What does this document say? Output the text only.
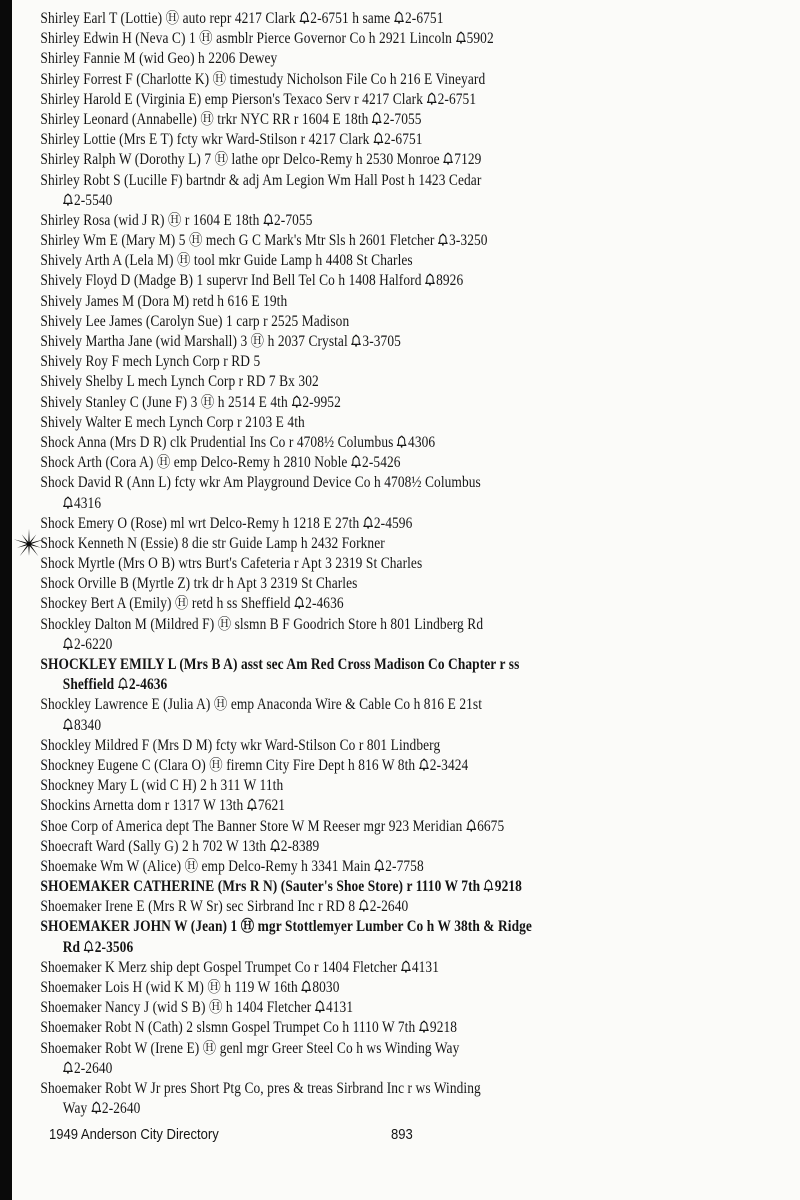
Shirley Earl T (Lottie) Ⓗ auto repr 4217 Clark 2-6751 h same 2-6751
Shirley Edwin H (Neva C) 1 Ⓗ asmblr Pierce Governor Co h 2921 Lincoln 5902
Shirley Fannie M (wid Geo) h 2206 Dewey
Shirley Forrest F (Charlotte K) Ⓗ timestudy Nicholson File Co h 216 E Vineyard
Shirley Harold E (Virginia E) emp Pierson's Texaco Serv r 4217 Clark 2-6751
Shirley Leonard (Annabelle) Ⓗ trkr NYC RR r 1604 E 18th 2-7055
Shirley Lottie (Mrs E T) fcty wkr Ward-Stilson r 4217 Clark 2-6751
Shirley Ralph W (Dorothy L) 7 Ⓗ lathe opr Delco-Remy h 2530 Monroe 7129
Shirley Robt S (Lucille F) bartndr & adj Am Legion Wm Hall Post h 1423 Cedar
2-5540
Shirley Rosa (wid J R) Ⓗ r 1604 E 18th 2-7055
Shirley Wm E (Mary M) 5 Ⓗ mech G C Mark's Mtr Sls h 2601 Fletcher 3-3250
Shively Arth A (Lela M) Ⓗ tool mkr Guide Lamp h 4408 St Charles
Shively Floyd D (Madge B) 1 supervr Ind Bell Tel Co h 1408 Halford 8926
Shively James M (Dora M) retd h 616 E 19th
Shively Lee James (Carolyn Sue) 1 carp r 2525 Madison
Shively Martha Jane (wid Marshall) 3 Ⓗ h 2037 Crystal 3-3705
Shively Roy F mech Lynch Corp r RD 5
Shively Shelby L mech Lynch Corp r RD 7 Bx 302
Shively Stanley C (June F) 3 Ⓗ h 2514 E 4th 2-9952
Shively Walter E mech Lynch Corp r 2103 E 4th
Shock Anna (Mrs D R) clk Prudential Ins Co r 4708½ Columbus 4306
Shock Arth (Cora A) Ⓗ emp Delco-Remy h 2810 Noble 2-5426
Shock David R (Ann L) fcty wkr Am Playground Device Co h 4708½ Columbus
4316
Shock Emery O (Rose) ml wrt Delco-Remy h 1218 E 27th 2-4596
Shock Kenneth N (Essie) 8 die str Guide Lamp h 2432 Forkner
Shock Myrtle (Mrs O B) wtrs Burt's Cafeteria r Apt 3 2319 St Charles
Shock Orville B (Myrtle Z) trk dr h Apt 3 2319 St Charles
Shockey Bert A (Emily) Ⓗ retd h ss Sheffield 2-4636
Shockley Dalton M (Mildred F) Ⓗ slsmn B F Goodrich Store h 801 Lindberg Rd
2-6220
SHOCKLEY EMILY L (Mrs B A) asst sec Am Red Cross Madison Co Chapter r ss
Sheffield 2-4636
Shockley Lawrence E (Julia A) Ⓗ emp Anaconda Wire & Cable Co h 816 E 21st
8340
Shockley Mildred F (Mrs D M) fcty wkr Ward-Stilson Co r 801 Lindberg
Shockney Eugene C (Clara O) Ⓗ firemn City Fire Dept h 816 W 8th 2-3424
Shockney Mary L (wid C H) 2 h 311 W 11th
Shockins Arnetta dom r 1317 W 13th 7621
Shoe Corp of America dept The Banner Store W M Reeser mgr 923 Meridian 6675
Shoecraft Ward (Sally G) 2 h 702 W 13th 2-8389
Shoemake Wm W (Alice) Ⓗ emp Delco-Remy h 3341 Main 2-7758
SHOEMAKER CATHERINE (Mrs R N) (Sauter's Shoe Store) r 1110 W 7th 9218
Shoemaker Irene E (Mrs R W Sr) sec Sirbrand Inc r RD 8 2-2640
SHOEMAKER JOHN W (Jean) 1 Ⓗ mgr Stottlemyer Lumber Co h W 38th & Ridge
Rd 2-3506
Shoemaker K Merz ship dept Gospel Trumpet Co r 1404 Fletcher 4131
Shoemaker Lois H (wid K M) Ⓗ h 119 W 16th 8030
Shoemaker Nancy J (wid S B) Ⓗ h 1404 Fletcher 4131
Shoemaker Robt N (Cath) 2 slsmn Gospel Trumpet Co h 1110 W 7th 9218
Shoemaker Robt W (Irene E) Ⓗ genl mgr Greer Steel Co h ws Winding Way
2-2640
Shoemaker Robt W Jr pres Short Ptg Co, pres & treas Sirbrand Inc r ws Winding
Way 2-2640
1949 Anderson City Directory	893
